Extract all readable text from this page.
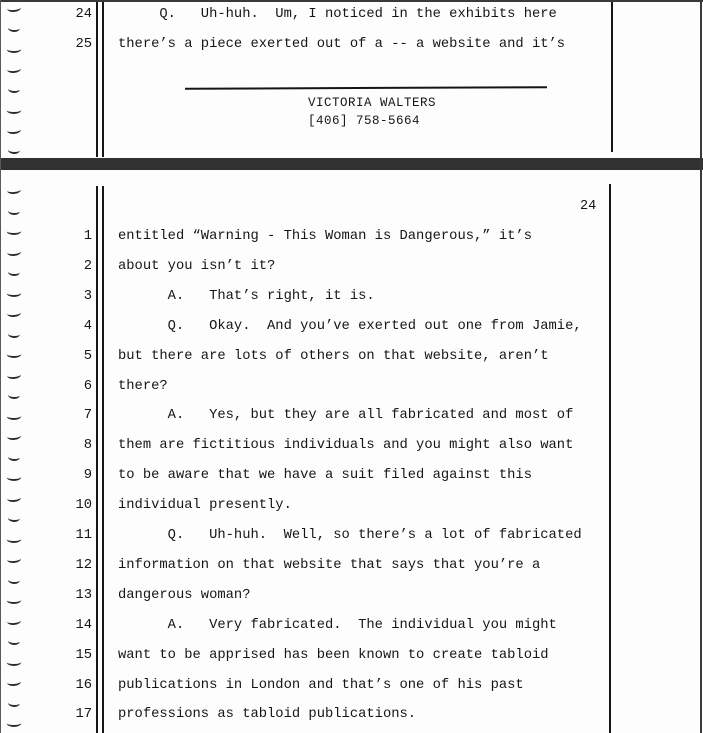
24 Q.   Uh-huh.  Um, I noticed in the exhibits here
25 there’s a piece exerted out of a -- a website and it’s
VICTORIA WALTERS
[406] 758-5664
24
1 entitled “Warning - This Woman is Dangerous,” it’s
2 about you isn’t it?
3 A.   That’s right, it is.
4 Q.   Okay.  And you’ve exerted out one from Jamie,
5 but there are lots of others on that website, aren’t
6 there?
7 A.   Yes, but they are all fabricated and most of
8 them are fictitious individuals and you might also want
9 to be aware that we have a suit filed against this
10 individual presently.
11 Q.   Uh-huh.  Well, so there’s a lot of fabricated
12 information on that website that says that you’re a
13 dangerous woman?
14 A.   Very fabricated.  The individual you might
15 want to be apprised has been known to create tabloid
16 publications in London and that’s one of his past
17 professions as tabloid publications.
